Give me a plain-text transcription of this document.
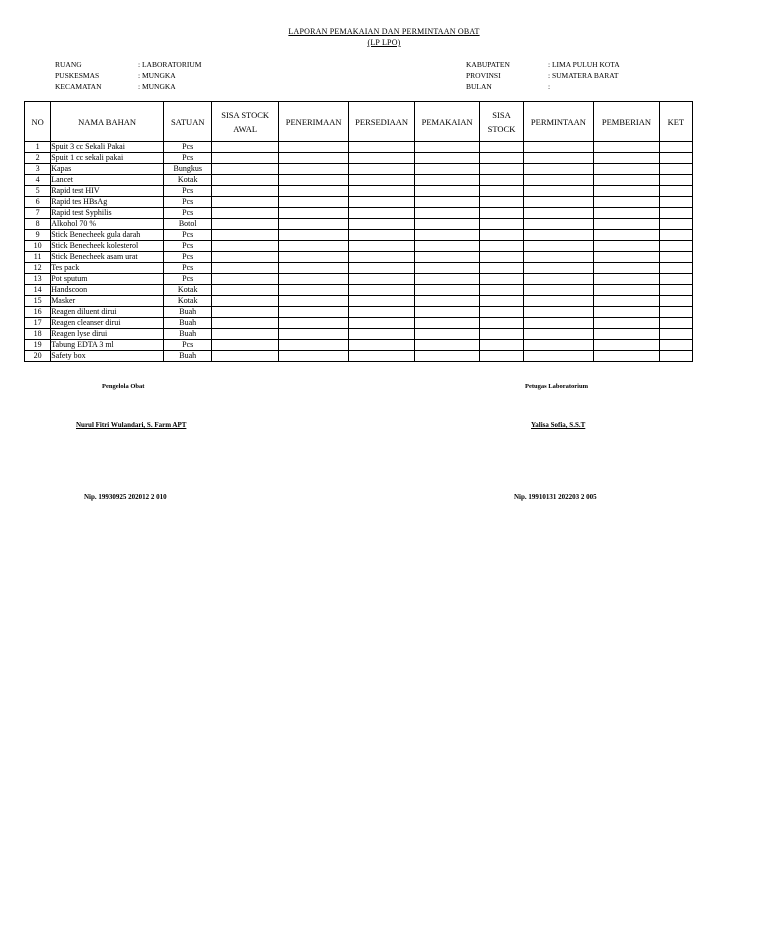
LAPORAN PEMAKAIAN DAN PERMINTAAN OBAT
(LP LPO)
RUANG	: LABORATORIUM
PUSKESMAS	: MUNGKA
KECAMATAN	: MUNGKA
KABUPATEN	: LIMA PULUH KOTA
PROVINSI	: SUMATERA BARAT
BULAN	:
NO	NAMA BAHAN	SATUAN	SISA STOCK AWAL	PENERIMAAN	PERSEDIAAN	PEMAKAIAN	SISA STOCK	PERMINTAAN	PEMBERIAN	KET
1	Spuit 3 cc Sekali Pakai	Pcs								
2	Spuit 1 cc sekali pakai	Pcs								
3	Kapas	Bungkus								
4	Lancet	Kotak								
5	Rapid test HIV	Pcs								
6	Rapid tes HBsAg	Pcs								
7	Rapid test Syphilis	Pcs								
8	Alkohol 70 %	Botol								
9	Stick Benecheek gula darah	Pcs								
10	Stick Benecheek kolesterol	Pcs								
11	Stick Benecheek asam urat	Pcs								
12	Tes pack	Pcs								
13	Pot sputum	Pcs								
14	Handscoon	Kotak								
15	Masker	Kotak								
16	Reagen diluent dirui	Buah								
17	Reagen cleanser dirui	Buah								
18	Reagen lyse dirui	Buah								
19	Tabung EDTA 3 ml	Pcs								
20	Safety box	Buah								
Pengelola Obat	Petugas Laboratorium
Nurul Fitri Wulandari, S. Farm APT	Yalisa Sofia, S.S.T
Nip. 19930925 202012 2 010	Nip. 19910131 202203 2 005
